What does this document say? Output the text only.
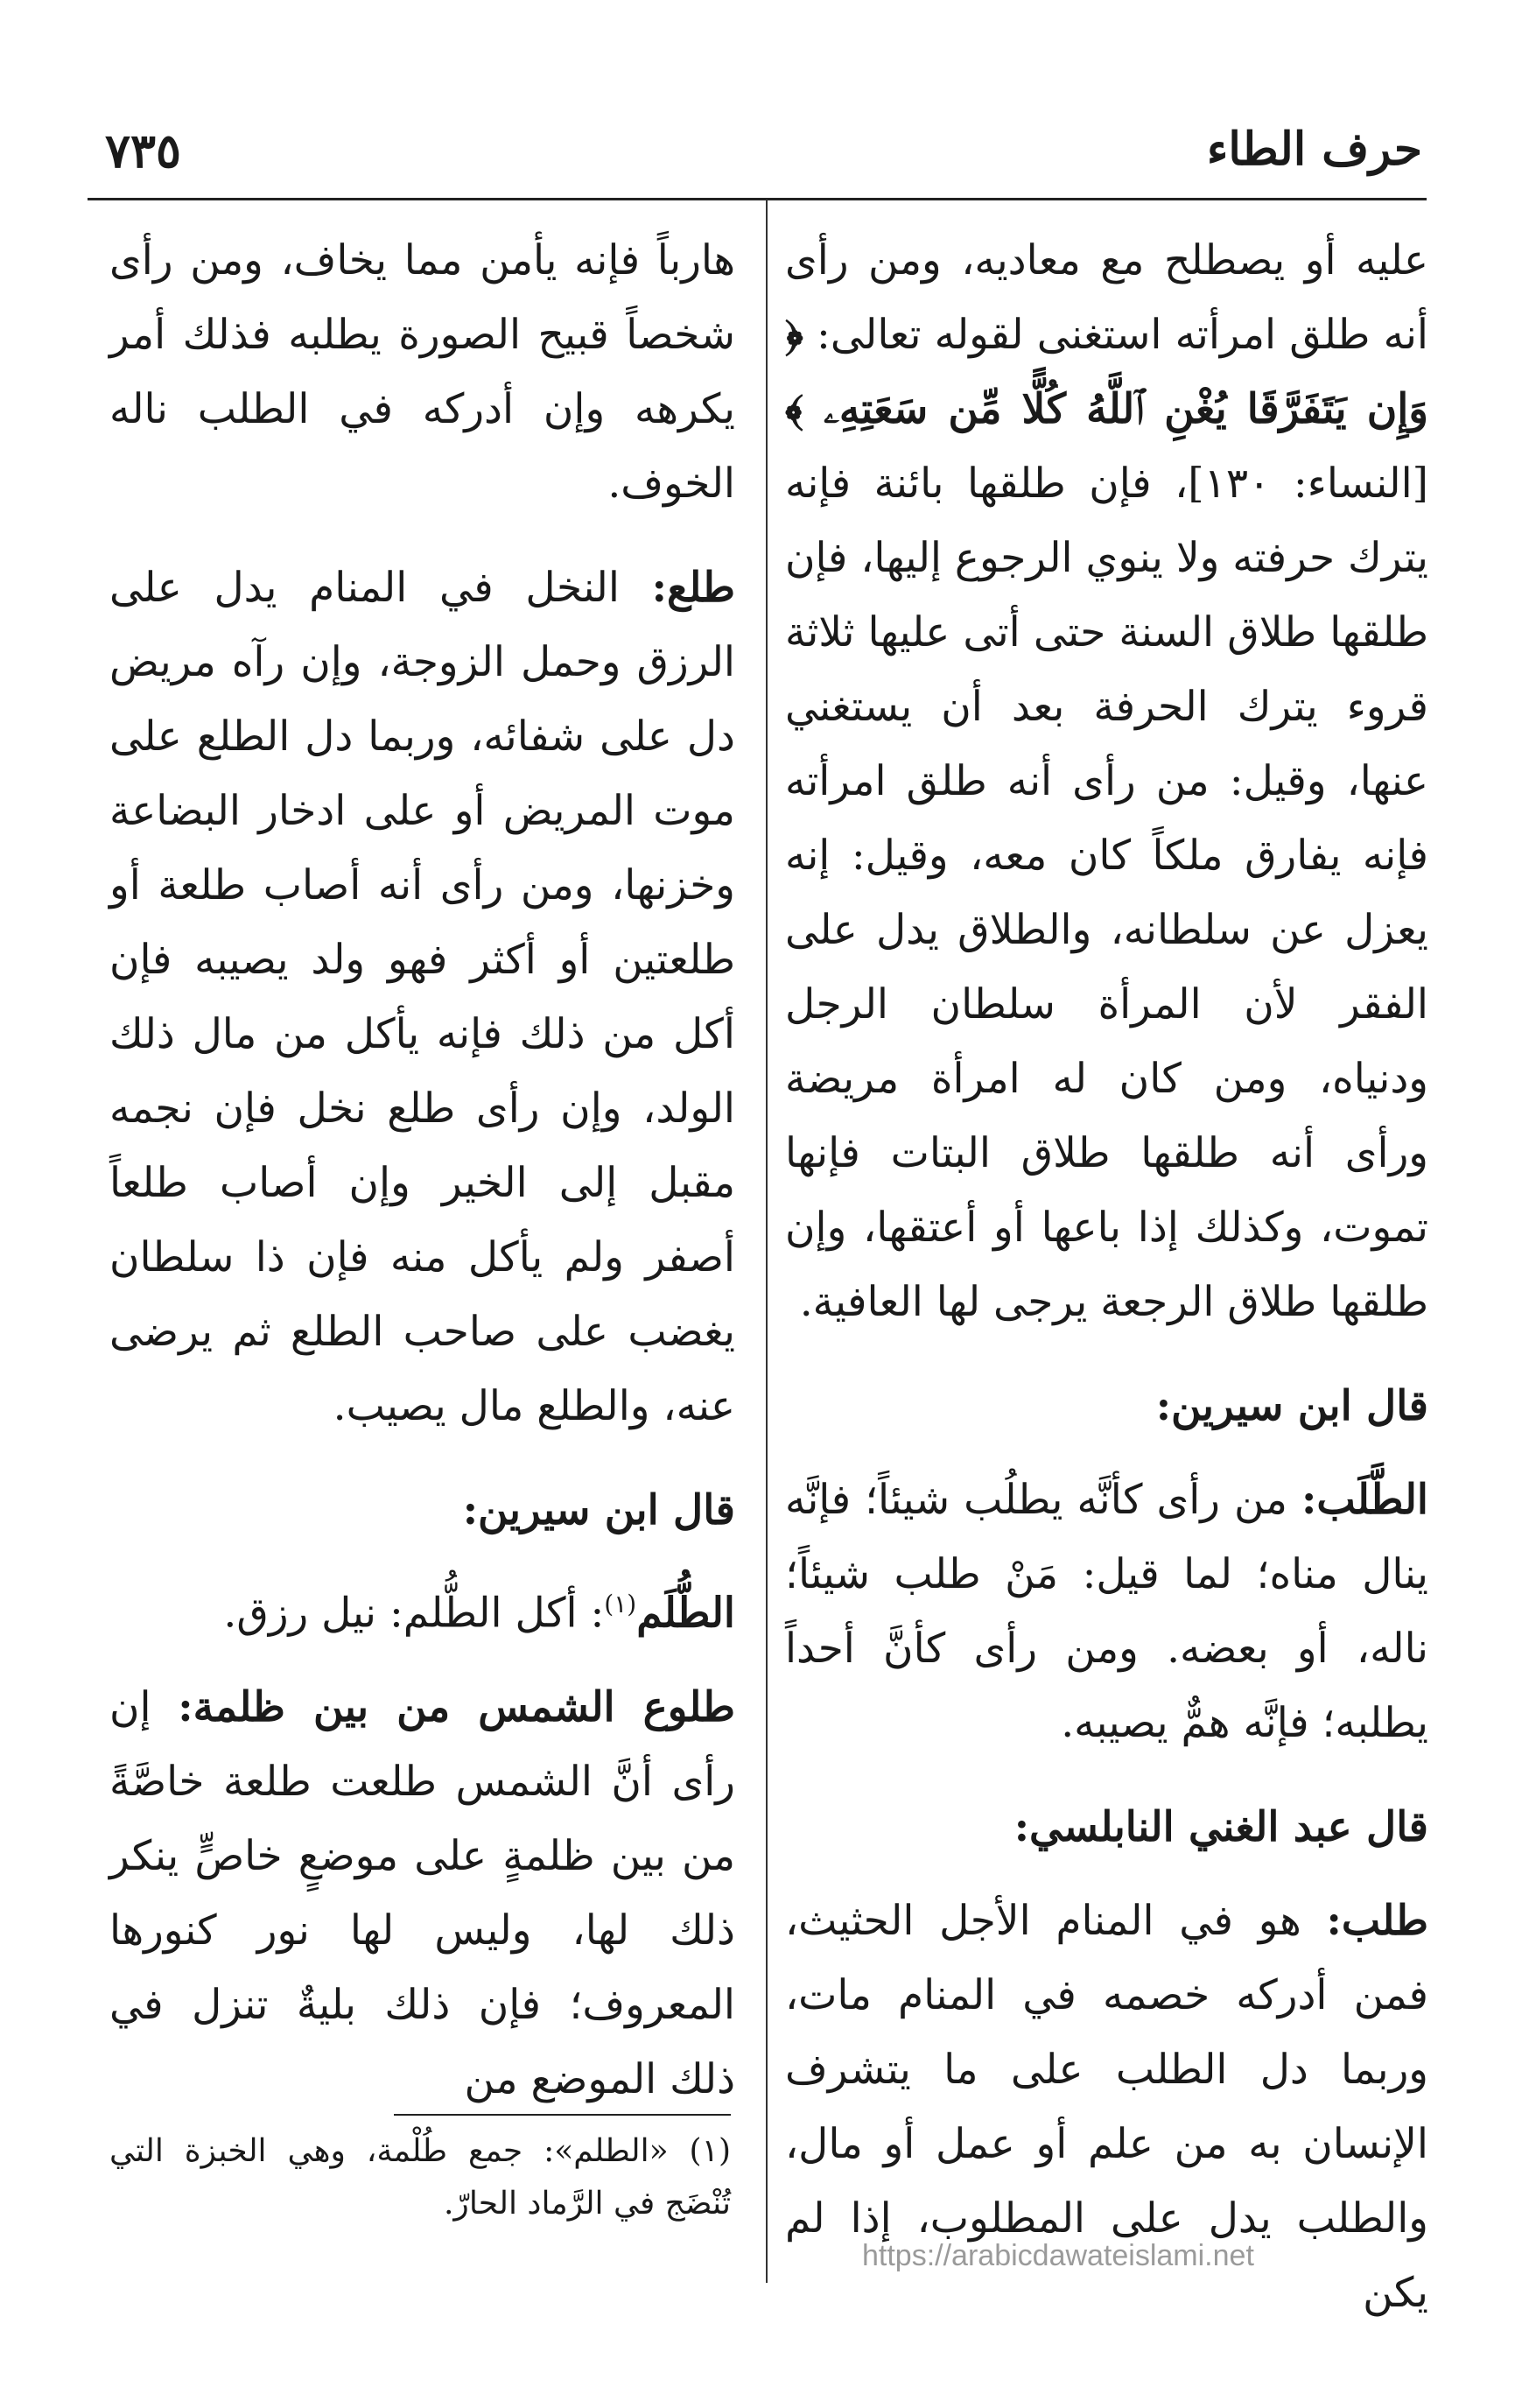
حرف الطاء
٧٣٥

عليه أو يصطلح مع معاديه، ومن رأى أنه طلق امرأته استغنى لقوله تعالى: ﴿ وَإِن يَتَفَرَّقَا يُغْنِ ٱللَّهُ كُلًّا مِّن سَعَتِهِۦ ﴾ [النساء: ١٣٠]، فإن طلقها بائنة فإنه يترك حرفته ولا ينوي الرجوع إليها، فإن طلقها طلاق السنة حتى أتى عليها ثلاثة قروء يترك الحرفة بعد أن يستغني عنها، وقيل: من رأى أنه طلق امرأته فإنه يفارق ملكاً كان معه، وقيل: إنه يعزل عن سلطانه، والطلاق يدل على الفقر لأن المرأة سلطان الرجل ودنياه، ومن كان له امرأة مريضة ورأى أنه طلقها طلاق البتات فإنها تموت، وكذلك إذا باعها أو أعتقها، وإن طلقها طلاق الرجعة يرجى لها العافية.

قال ابن سيرين:

الطَّلَب: من رأى كأنَّه يطلُب شيئاً؛ فإنَّه ينال مناه؛ لما قيل: مَنْ طلب شيئاً؛ ناله، أو بعضه. ومن رأى كأنَّ أحداً يطلبه؛ فإنَّه همٌّ يصيبه.

قال عبد الغني النابلسي:

طلب: هو في المنام الأجل الحثيث، فمن أدركه خصمه في المنام مات، وربما دل الطلب على ما يتشرف الإنسان به من علم أو عمل أو مال، والطلب يدل على المطلوب، إذا لم يكن

هارباً فإنه يأمن مما يخاف، ومن رأى شخصاً قبيح الصورة يطلبه فذلك أمر يكرهه وإن أدركه في الطلب ناله الخوف.

طلع: النخل في المنام يدل على الرزق وحمل الزوجة، وإن رآه مريض دل على شفائه، وربما دل الطلع على موت المريض أو على ادخار البضاعة وخزنها، ومن رأى أنه أصاب طلعة أو طلعتين أو أكثر فهو ولد يصيبه فإن أكل من ذلك فإنه يأكل من مال ذلك الولد، وإن رأى طلع نخل فإن نجمه مقبل إلى الخير وإن أصاب طلعاً أصفر ولم يأكل منه فإن ذا سلطان يغضب على صاحب الطلع ثم يرضى عنه، والطلع مال يصيب.

قال ابن سيرين:

الطُّلَم$^{(١)}$: أكل الطُّلم: نيل رزق.

طلوع الشمس من بين ظلمة: إن رأى أنَّ الشمس طلعت طلعة خاصَّةً من بين ظلمةٍ على موضعٍ خاصٍّ ينكر ذلك لها، وليس لها نور كنورها المعروف؛ فإن ذلك بليةٌ تنزل في ذلك الموضع من

(١) «الطلم»: جمع طُلْمة، وهي الخبزة التي تُنْضَج في الرَّماد الحارّ.
https://arabicdawateislami.net
